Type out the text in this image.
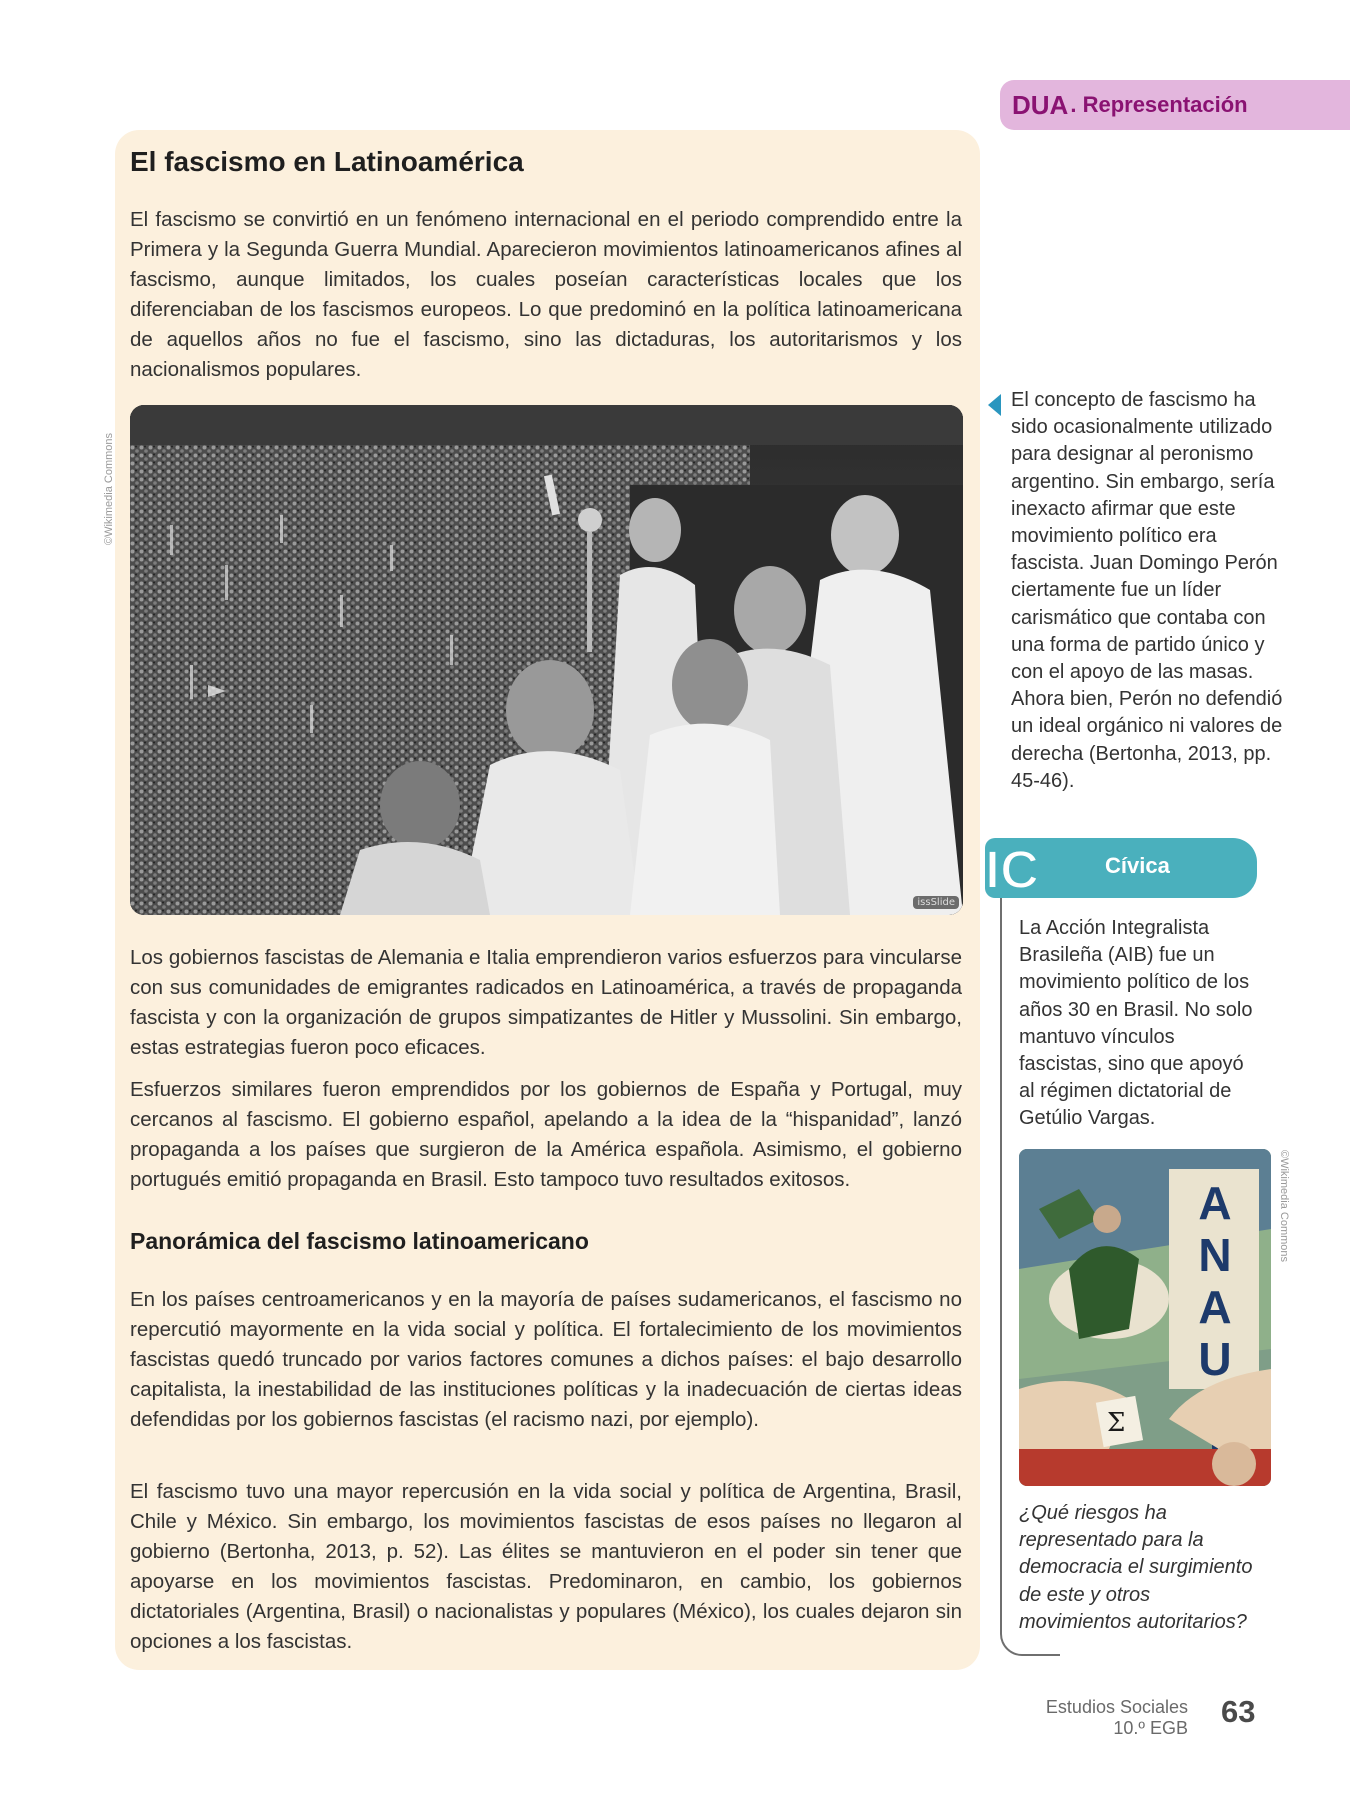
DUA . Representación
El fascismo en Latinoamérica

El fascismo se convirtió en un fenómeno internacional en el periodo comprendido entre la Primera y la Segunda Guerra Mundial. Aparecieron movimientos latinoamericanos afines al fascismo, aunque limitados, los cuales poseían características locales que los diferenciaban de los fascismos europeos. Lo que predominó en la política latinoamericana de aquellos años no fue el fascismo, sino las dictaduras, los autoritarismos y los nacionalismos populares.

©Wikimedia Commons
issSlide

Los gobiernos fascistas de Alemania e Italia emprendieron varios esfuerzos para vincularse con sus comunidades de emigrantes radicados en Latinoamérica, a través de propaganda fascista y con la organización de grupos simpatizantes de Hitler y Mussolini. Sin embargo, estas estrategias fueron poco eficaces.

Esfuerzos similares fueron emprendidos por los gobiernos de España y Portugal, muy cercanos al fascismo. El gobierno español, apelando a la idea de la “hispanidad”, lanzó propaganda a los países que surgieron de la América española. Asimismo, el gobierno portugués emitió propaganda en Brasil. Esto tampoco tuvo resultados exitosos.

Panorámica del fascismo latinoamericano

En los países centroamericanos y en la mayoría de países sudamericanos, el fascismo no repercutió mayormente en la vida social y política. El fortalecimiento de los movimientos fascistas quedó truncado por varios factores comunes a dichos países: el bajo desarrollo capitalista, la inestabilidad de las instituciones políticas y la inadecuación de ciertas ideas defendidas por los gobiernos fascistas (el racismo nazi, por ejemplo).

El fascismo tuvo una mayor repercusión en la vida social y política de Argentina, Brasil, Chile y México. Sin embargo, los movimientos fascistas de esos países no llegaron al gobierno (Bertonha, 2013, p. 52). Las élites se mantuvieron en el poder sin tener que apoyarse en los movimientos fascistas. Predominaron, en cambio, los gobiernos dictatoriales (Argentina, Brasil) o nacionalistas y populares (México), los cuales dejaron sin opciones a los fascistas.

El concepto de fascismo ha sido ocasionalmente utilizado para designar al peronismo argentino. Sin embargo, sería inexacto afirmar que este movimiento político era fascista. Juan Domingo Perón ciertamente fue un líder carismático que contaba con una forma de partido único y con el apoyo de las masas. Ahora bien, Perón no defendió un ideal orgánico ni valores de derecha (Bertonha, 2013, pp. 45-46).

Cívica
IC

La Acción Integralista Brasileña (AIB) fue un movimiento político de los años 30 en Brasil. No solo mantuvo vínculos fascistas, sino que apoyó al régimen dictatorial de Getúlio Vargas.

A N A U
Σ
©Wikimedia Commons

¿Qué riesgos ha representado para la democracia el surgimiento de este y otros movimientos autoritarios?

Estudios Sociales
10.º EGB 63
